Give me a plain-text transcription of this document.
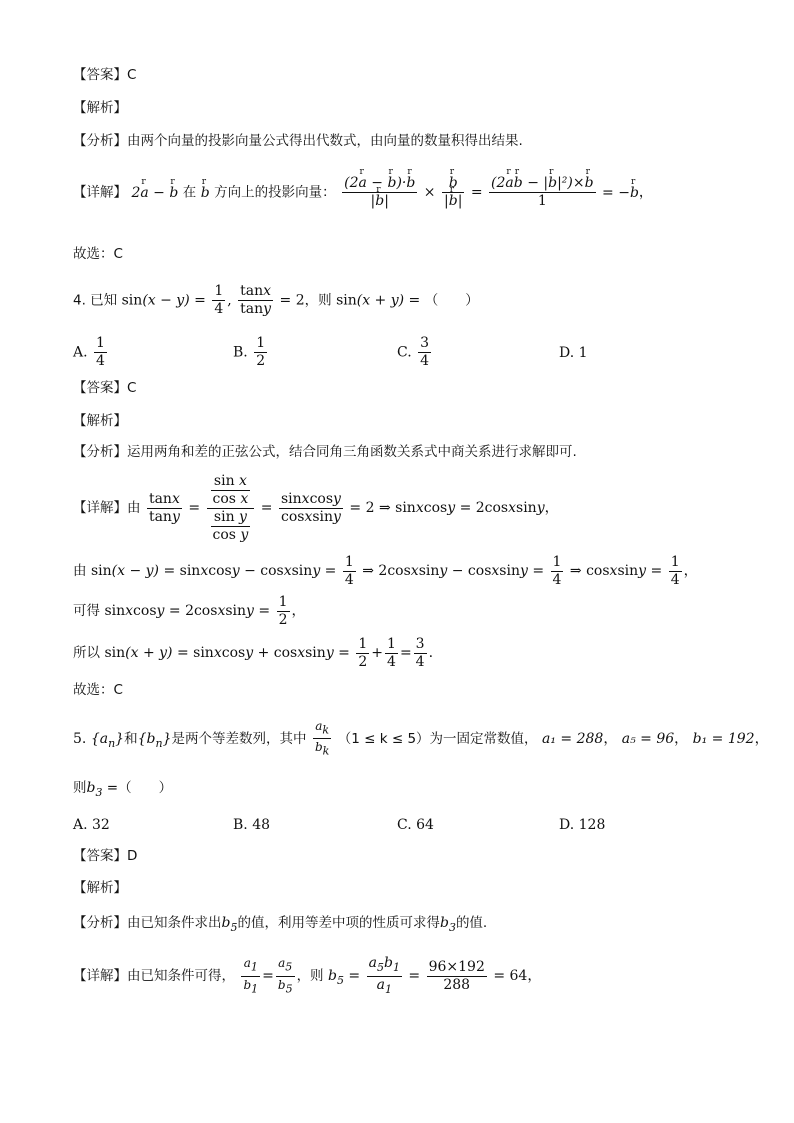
【答案】C
【解析】
【分析】由两个向量的投影向量公式得出代数式，由向量的数量积得出结果.
【详解】 2r a − r b 在 r b 方向上的投影向量： $\frac{\text{(2r a − r b)·r b}}{\text{|r b|}}$ ×
r $\frac{b}{\text{|r b|}} = \frac{\text{(2r ar b − |r b|²)×r b}}{1} = -r$ b，
故选：C
4. 已知 $\sin(x - y) = \frac{1}{4}$ , $\frac{\tan x}{\tan y} = 2$，则 sin(x + y) = （　　）
A. $\frac{1}{4}$	B. $\frac{1}{2}$	C. $\frac{3}{4}$	D. 1
【答案】C
【解析】
【分析】运用两角和差的正弦公式，结合同角三角函数关系式中商关系进行求解即可.
【详解】由 $\frac{\tan x}{\tan y} = \frac{\frac{\text{sin x}}{\text{cos x}}}{\frac{\text{sin y}}{\text{cos y}}} = \frac{\text{sinxcosy}}{\text{cosxsiny}} = 2$ ⇒ sinxcosy = 2cosxsiny，
由 sin(x − y) = sinxcosy − cosxsiny = $\frac{1}{4}$ ⇒ 2cosxsiny − cosxsiny = $\frac{1}{4}$ ⇒ cosxsiny = $\frac{1}{4}$ ，
可得 sinxcosy = 2cosxsiny = $\frac{1}{2}$ ，
所以 sin(x + y) = sinxcosy + cosxsiny = $\frac{1}{2} + \frac{1}{4} = \frac{3}{4}$ .
故选：C
5. $\{a_n\}$和$\{b_n\}$是两个等差数列，其中 $\frac{a_k}{b_k} (1 \le k \le 5)$为一固定常数值， a₁ = 288， a₅ = 96， b₁ = 192，
则$b_3$ =（　　）
A. 32	B. 48	C. 64	D. 128
【答案】D
【解析】
【分析】由已知条件求出$b_5$的值，利用等差中项的性质可求得$b_3$的值.
【详解】由已知条件可得， $\frac{a_1}{b_1} = \frac{a_5}{b_5}$ ，则 $b_5 = \frac{a_5b_1}{a_1} = \frac{96\times 192}{288} = 64$，
